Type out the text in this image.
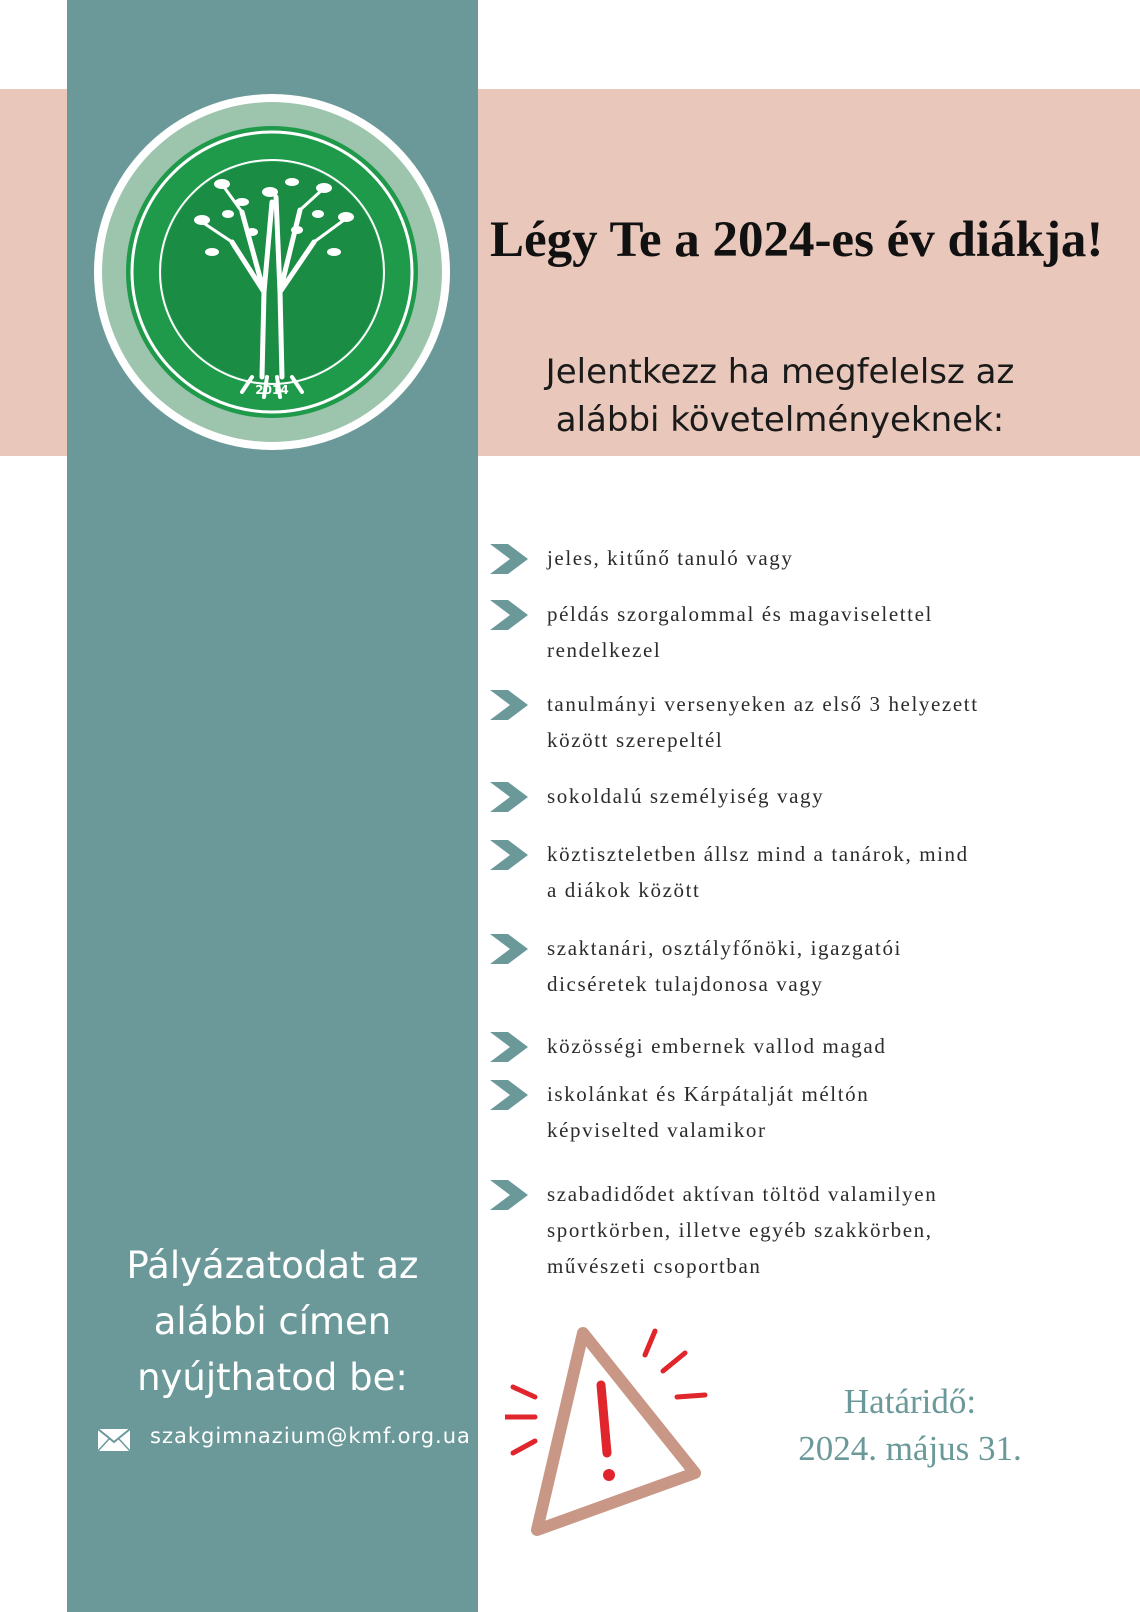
2014
Légy Te a 2024-es év diákja!
Jelentkezz ha megfelelsz az
alábbi követelményeknek:
jeles, kitűnő tanuló vagy
példás szorgalommal és magaviselettel
rendelkezel
tanulmányi versenyeken az első 3 helyezett
között szerepeltél
sokoldalú személyiség vagy
köztiszteletben állsz mind a tanárok, mind
a diákok között
szaktanári, osztályfőnöki, igazgatói
dicséretek tulajdonosa vagy
közösségi embernek vallod magad
iskolánkat és Kárpátalját méltón
képviselted valamikor
szabadidődet aktívan töltöd valamilyen
sportkörben, illetve egyéb szakkörben,
művészeti csoportban
Pályázatodat az
alábbi címen
nyújthatod be:
szakgimnazium@kmf.org.ua
Határidő:
2024. május 31.
